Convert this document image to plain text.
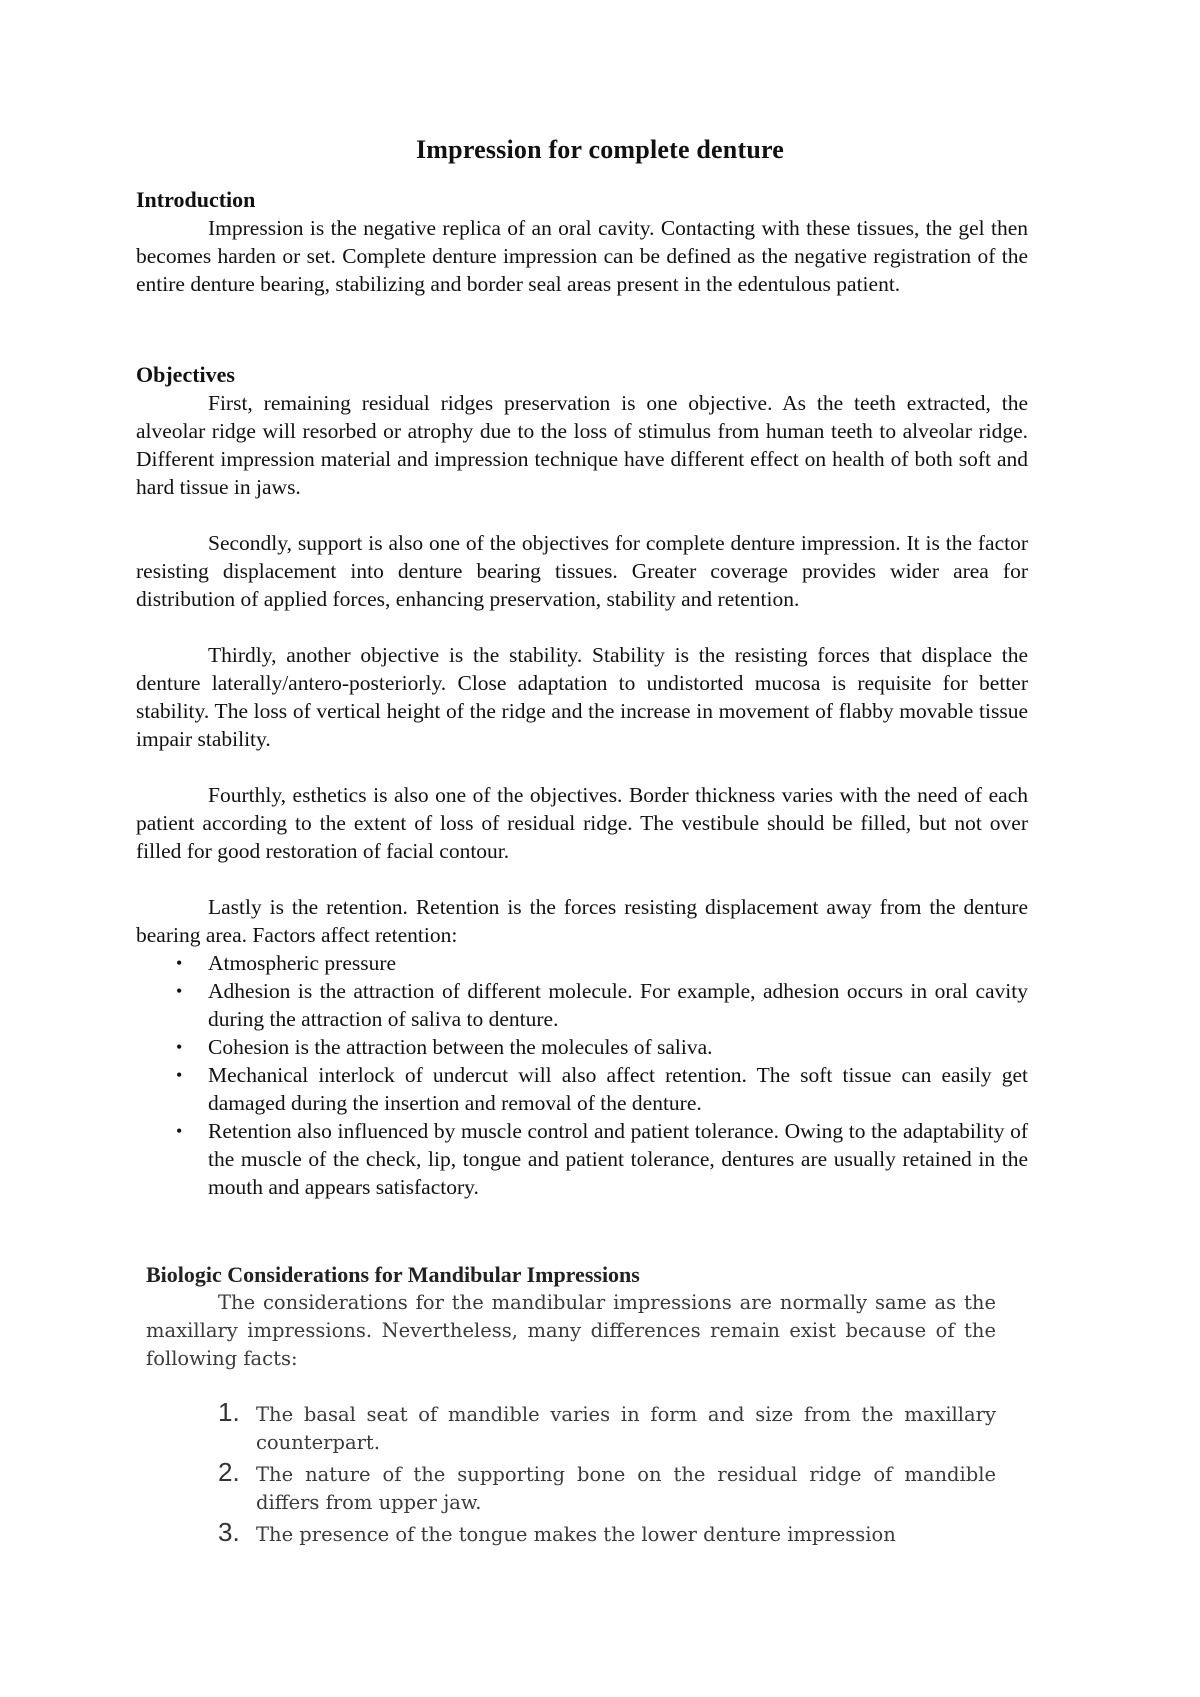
Impression for complete denture

Introduction

Impression is the negative replica of an oral cavity. Contacting with these tissues, the gel then becomes harden or set. Complete denture impression can be defined as the negative registration of the entire denture bearing, stabilizing and border seal areas present in the edentulous patient.

Objectives

First, remaining residual ridges preservation is one objective. As the teeth extracted, the alveolar ridge will resorbed or atrophy due to the loss of stimulus from human teeth to alveolar ridge. Different impression material and impression technique have different effect on health of both soft and hard tissue in jaws.

Secondly, support is also one of the objectives for complete denture impression. It is the factor resisting displacement into denture bearing tissues. Greater coverage provides wider area for distribution of applied forces, enhancing preservation, stability and retention.

Thirdly, another objective is the stability. Stability is the resisting forces that displace the denture laterally/antero-posteriorly. Close adaptation to undistorted mucosa is requisite for better stability. The loss of vertical height of the ridge and the increase in movement of flabby movable tissue impair stability.

Fourthly, esthetics is also one of the objectives. Border thickness varies with the need of each patient according to the extent of loss of residual ridge. The vestibule should be filled, but not over filled for good restoration of facial contour.

Lastly is the retention. Retention is the forces resisting displacement away from the denture bearing area. Factors affect retention:

• Atmospheric pressure
• Adhesion is the attraction of different molecule. For example, adhesion occurs in oral cavity during the attraction of saliva to denture.
• Cohesion is the attraction between the molecules of saliva.
• Mechanical interlock of undercut will also affect retention. The soft tissue can easily get damaged during the insertion and removal of the denture.
• Retention also influenced by muscle control and patient tolerance. Owing to the adaptability of the muscle of the check, lip, tongue and patient tolerance, dentures are usually retained in the mouth and appears satisfactory.

Biologic Considerations for Mandibular Impressions

The considerations for the mandibular impressions are normally same as the maxillary impressions. Nevertheless, many differences remain exist because of the following facts:

1. The basal seat of mandible varies in form and size from the maxillary counterpart.
2. The nature of the supporting bone on the residual ridge of mandible differs from upper jaw.
3. The presence of the tongue makes the lower denture impression
